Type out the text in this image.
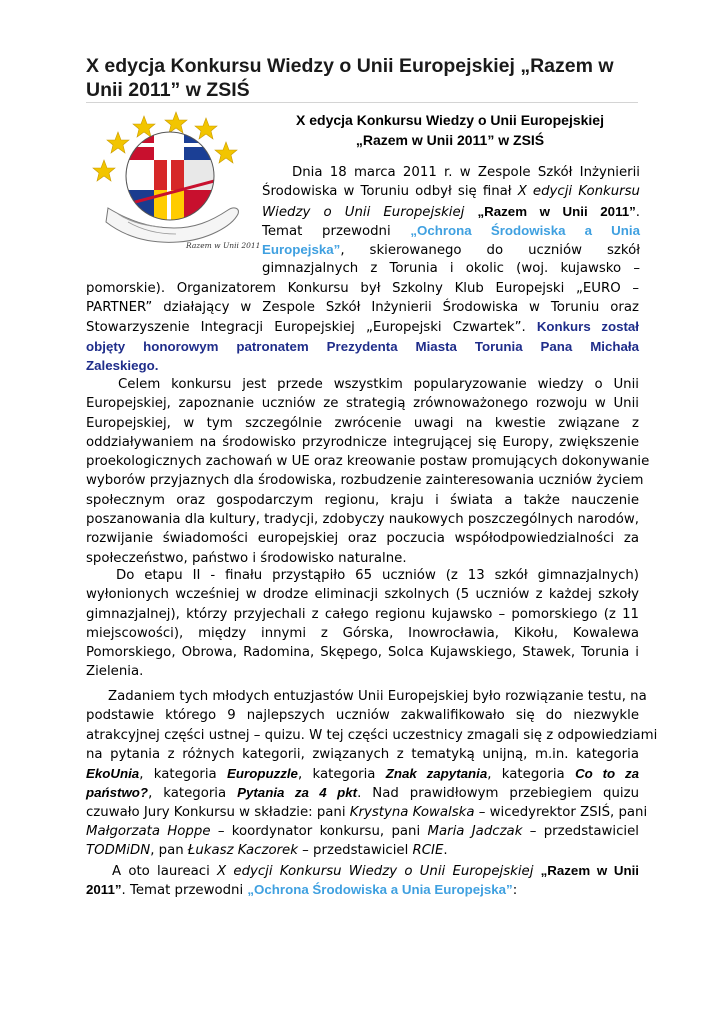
X edycja Konkursu Wiedzy o Unii Europejskiej „Razem w Unii 2011” w ZSIŚ
Razem w Unii 2011

X edycja Konkursu Wiedzy o Unii Europejskiej

„Razem w Unii 2011” w ZSIŚ

Dnia 18 marca 2011 r. w Zespole Szkół Inżynierii
Środowiska w Toruniu odbył się finał X edycji Konkursu
Wiedzy o Unii Europejskiej „Razem w Unii 2011”.
Temat przewodni „Ochrona Środowiska a Unia
Europejska”, skierowanego do uczniów szkół
gimnazjalnych z Torunia i okolic (woj. kujawsko –
pomorskie). Organizatorem Konkursu był Szkolny Klub Europejski „EURO –
PARTNER” działający w Zespole Szkół Inżynierii Środowiska w Toruniu oraz
Stowarzyszenie Integracji Europejskiej „Europejski Czwartek”. Konkurs został
objęty honorowym patronatem Prezydenta Miasta Torunia Pana Michała
Zaleskiego.
Celem konkursu jest przede wszystkim popularyzowanie wiedzy o Unii
Europejskiej, zapoznanie uczniów ze strategią zrównoważonego rozwoju w Unii
Europejskiej, w tym szczególnie zwrócenie uwagi na kwestie związane z
oddziaływaniem na środowisko przyrodnicze integrującej się Europy, zwiększenie
proekologicznych zachowań w UE oraz kreowanie postaw promujących dokonywanie
wyborów przyjaznych dla środowiska, rozbudzenie zainteresowania uczniów życiem
społecznym oraz gospodarczym regionu, kraju i świata a także nauczenie
poszanowania dla kultury, tradycji, zdobyczy naukowych poszczególnych narodów,
rozwijanie świadomości europejskiej oraz poczucia współodpowiedzialności za
społeczeństwo, państwo i środowisko naturalne.
Do etapu II - finału przystąpiło 65 uczniów (z 13 szkół gimnazjalnych)
wyłonionych wcześniej w drodze eliminacji szkolnych (5 uczniów z każdej szkoły
gimnazjalnej), którzy przyjechali z całego regionu kujawsko – pomorskiego (z 11
miejscowości), między innymi z Górska, Inowrocławia, Kikołu, Kowalewa
Pomorskiego, Obrowa, Radomina, Skępego, Solca Kujawskiego, Stawek, Torunia i
Zielenia.
Zadaniem tych młodych entuzjastów Unii Europejskiej było rozwiązanie testu, na
podstawie którego 9 najlepszych uczniów zakwalifikowało się do niezwykle
atrakcyjnej części ustnej – quizu. W tej części uczestnicy zmagali się z odpowiedziami
na pytania z różnych kategorii, związanych z tematyką unijną, m.in. kategoria
EkoUnia, kategoria Europuzzle, kategoria Znak zapytania, kategoria Co to za
państwo?, kategoria Pytania za 4 pkt. Nad prawidłowym przebiegiem quizu
czuwało Jury Konkursu w składzie: pani Krystyna Kowalska – wicedyrektor ZSIŚ, pani
Małgorzata Hoppe – koordynator konkursu, pani Maria Jadczak – przedstawiciel
TODMiDN, pan Łukasz Kaczorek – przedstawiciel RCIE.
A oto laureaci X edycji Konkursu Wiedzy o Unii Europejskiej „Razem w Unii
2011”. Temat przewodni „Ochrona Środowiska a Unia Europejska”:
